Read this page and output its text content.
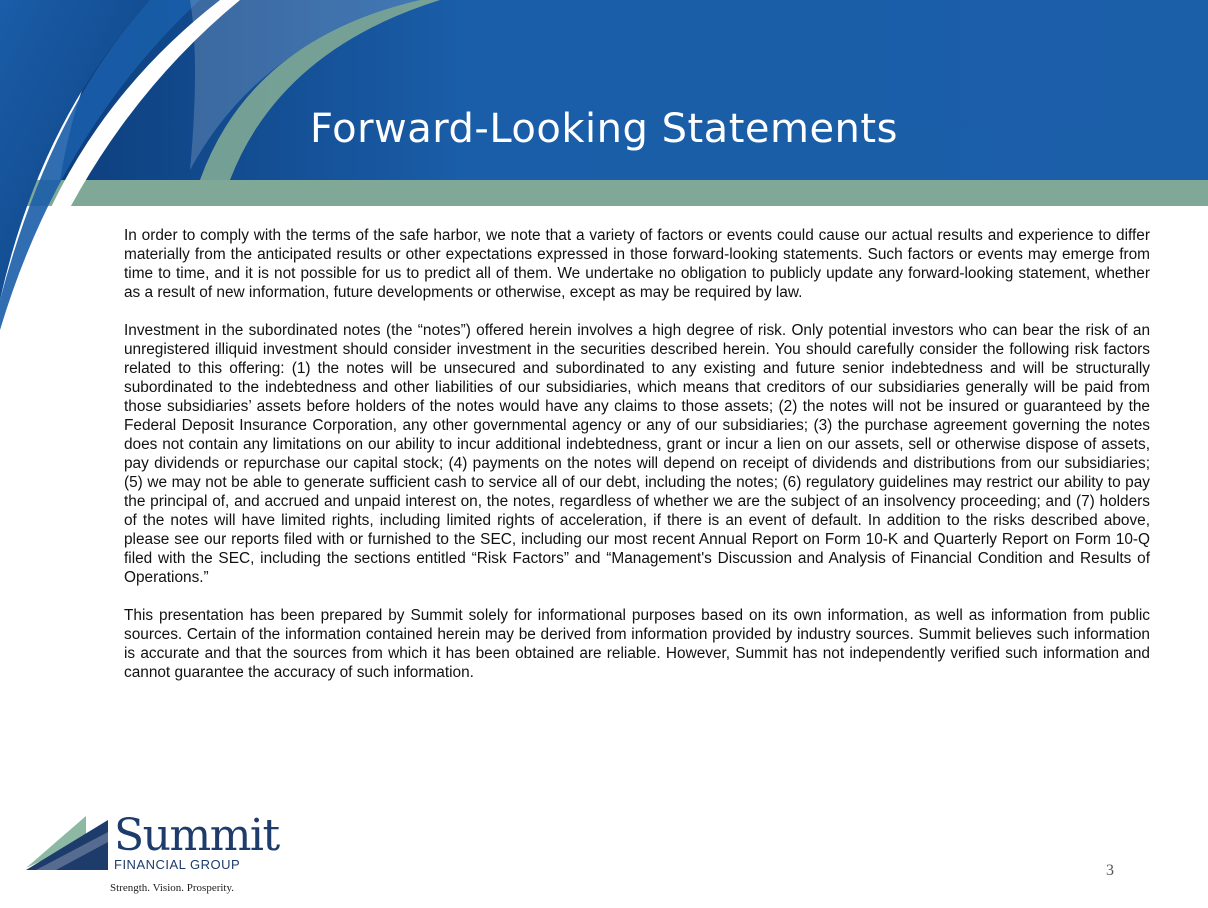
Forward-Looking Statements

In order to comply with the terms of the safe harbor, we note that a variety of factors or events could cause our actual results and experience to differ materially from the anticipated results or other expectations expressed in those forward-looking statements. Such factors or events may emerge from time to time, and it is not possible for us to predict all of them. We undertake no obligation to publicly update any forward-looking statement, whether as a result of new information, future developments or otherwise, except as may be required by law.

Investment in the subordinated notes (the “notes”) offered herein involves a high degree of risk. Only potential investors who can bear the risk of an unregistered illiquid investment should consider investment in the securities described herein. You should carefully consider the following risk factors related to this offering: (1) the notes will be unsecured and subordinated to any existing and future senior indebtedness and will be structurally subordinated to the indebtedness and other liabilities of our subsidiaries, which means that creditors of our subsidiaries generally will be paid from those subsidiaries’ assets before holders of the notes would have any claims to those assets; (2) the notes will not be insured or guaranteed by the Federal Deposit Insurance Corporation, any other governmental agency or any of our subsidiaries; (3) the purchase agreement governing the notes does not contain any limitations on our ability to incur additional indebtedness, grant or incur a lien on our assets, sell or otherwise dispose of assets, pay dividends or repurchase our capital stock; (4) payments on the notes will depend on receipt of dividends and distributions from our subsidiaries; (5) we may not be able to generate sufficient cash to service all of our debt, including the notes; (6) regulatory guidelines may restrict our ability to pay the principal of, and accrued and unpaid interest on, the notes, regardless of whether we are the subject of an insolvency proceeding; and (7) holders of the notes will have limited rights, including limited rights of acceleration, if there is an event of default. In addition to the risks described above, please see our reports filed with or furnished to the SEC, including our most recent Annual Report on Form 10-K and Quarterly Report on Form 10-Q filed with the SEC, including the sections entitled “Risk Factors” and “Management's Discussion and Analysis of Financial Condition and Results of Operations.”

This presentation has been prepared by Summit solely for informational purposes based on its own information, as well as information from public sources. Certain of the information contained herein may be derived from information provided by industry sources. Summit believes such information is accurate and that the sources from which it has been obtained are reliable. However, Summit has not independently verified such information and cannot guarantee the accuracy of such information.

Summit
FINANCIAL GROUP
Strength. Vision. Prosperity.
3
